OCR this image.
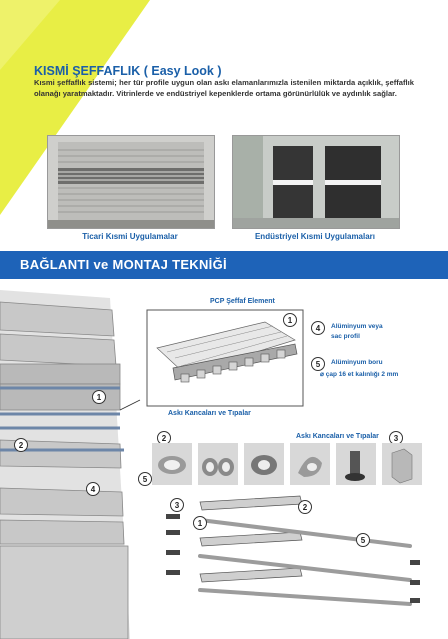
KISMİ ŞEFFAFLIK ( Easy Look )
Kısmi şeffaflık sistemi; her tür profile uygun olan askı elamanlarımızla istenilen miktarda açıklık, şeffaflık olanağı yaratmaktadır. Vitrinlerde ve endüstriyel kepenklerde ortama görünürlülük ve aydınlık sağlar.
Ticari Kısmi Uygulamalar	Endüstriyel Kısmi Uygulamaları
BAĞLANTI ve MONTAJ TEKNİĞİ
1
2
4
5
PCP Şeffaf Element
1
Askı Kancaları ve Tıpalar
4	Alüminyum veya
sac profil
5	Alüminyum boru
⌀ çap 16 et kalınlığı 2 mm
2	Askı Kancaları ve Tıpalar	3
3	2
1
5
